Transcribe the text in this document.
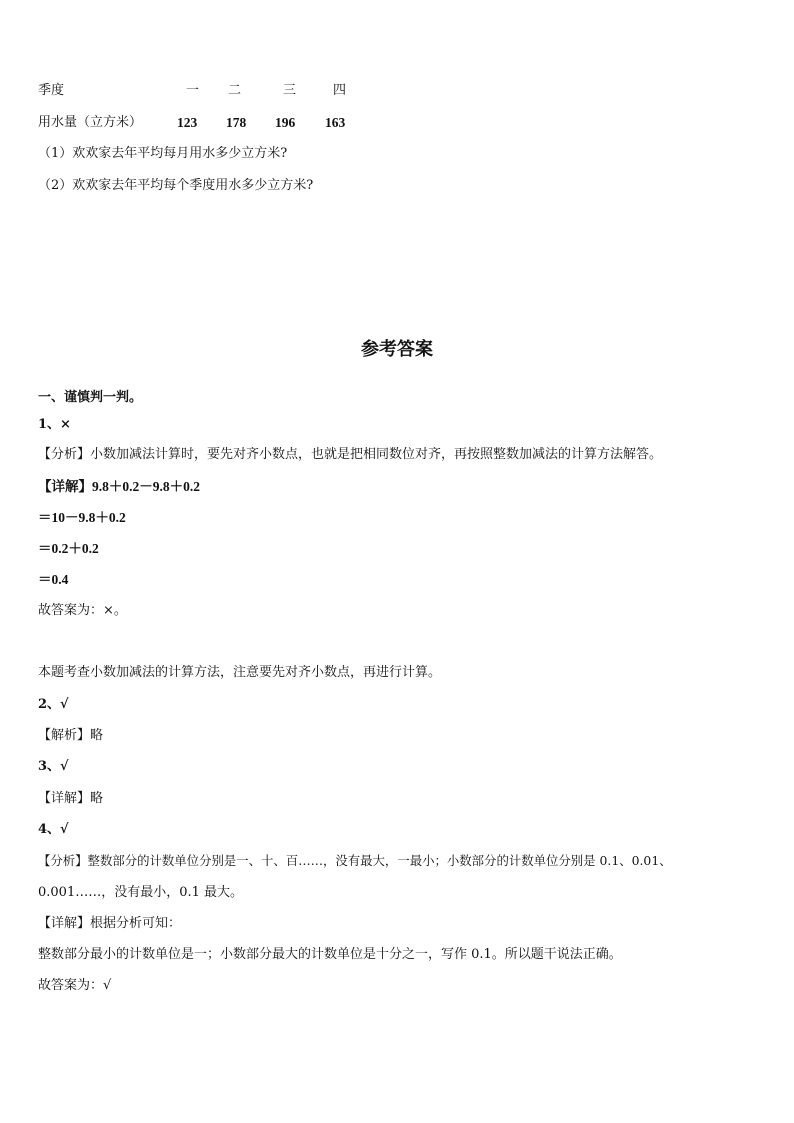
季度	一 二	三	四
用水量（立方米）	123 178 196 163
（1）欢欢家去年平均每月用水多少立方米?
（2）欢欢家去年平均每个季度用水多少立方米?
参考答案
一、谨慎判一判。
1、×
【分析】小数加减法计算时，要先对齐小数点，也就是把相同数位对齐，再按照整数加减法的计算方法解答。
【详解】9.8＋0.2－9.8＋0.2
＝10－9.8＋0.2
＝0.2＋0.2
＝0.4
故答案为：×。
本题考查小数加减法的计算方法，注意要先对齐小数点，再进行计算。
2、√
【解析】略
3、√
【详解】略
4、√
【分析】整数部分的计数单位分别是一、十、百……，没有最大，一最小；小数部分的计数单位分别是 0.1、0.01、
0.001……，没有最小，0.1 最大。
【详解】根据分析可知：
整数部分最小的计数单位是一；小数部分最大的计数单位是十分之一，写作 0.1。所以题干说法正确。
故答案为：√
